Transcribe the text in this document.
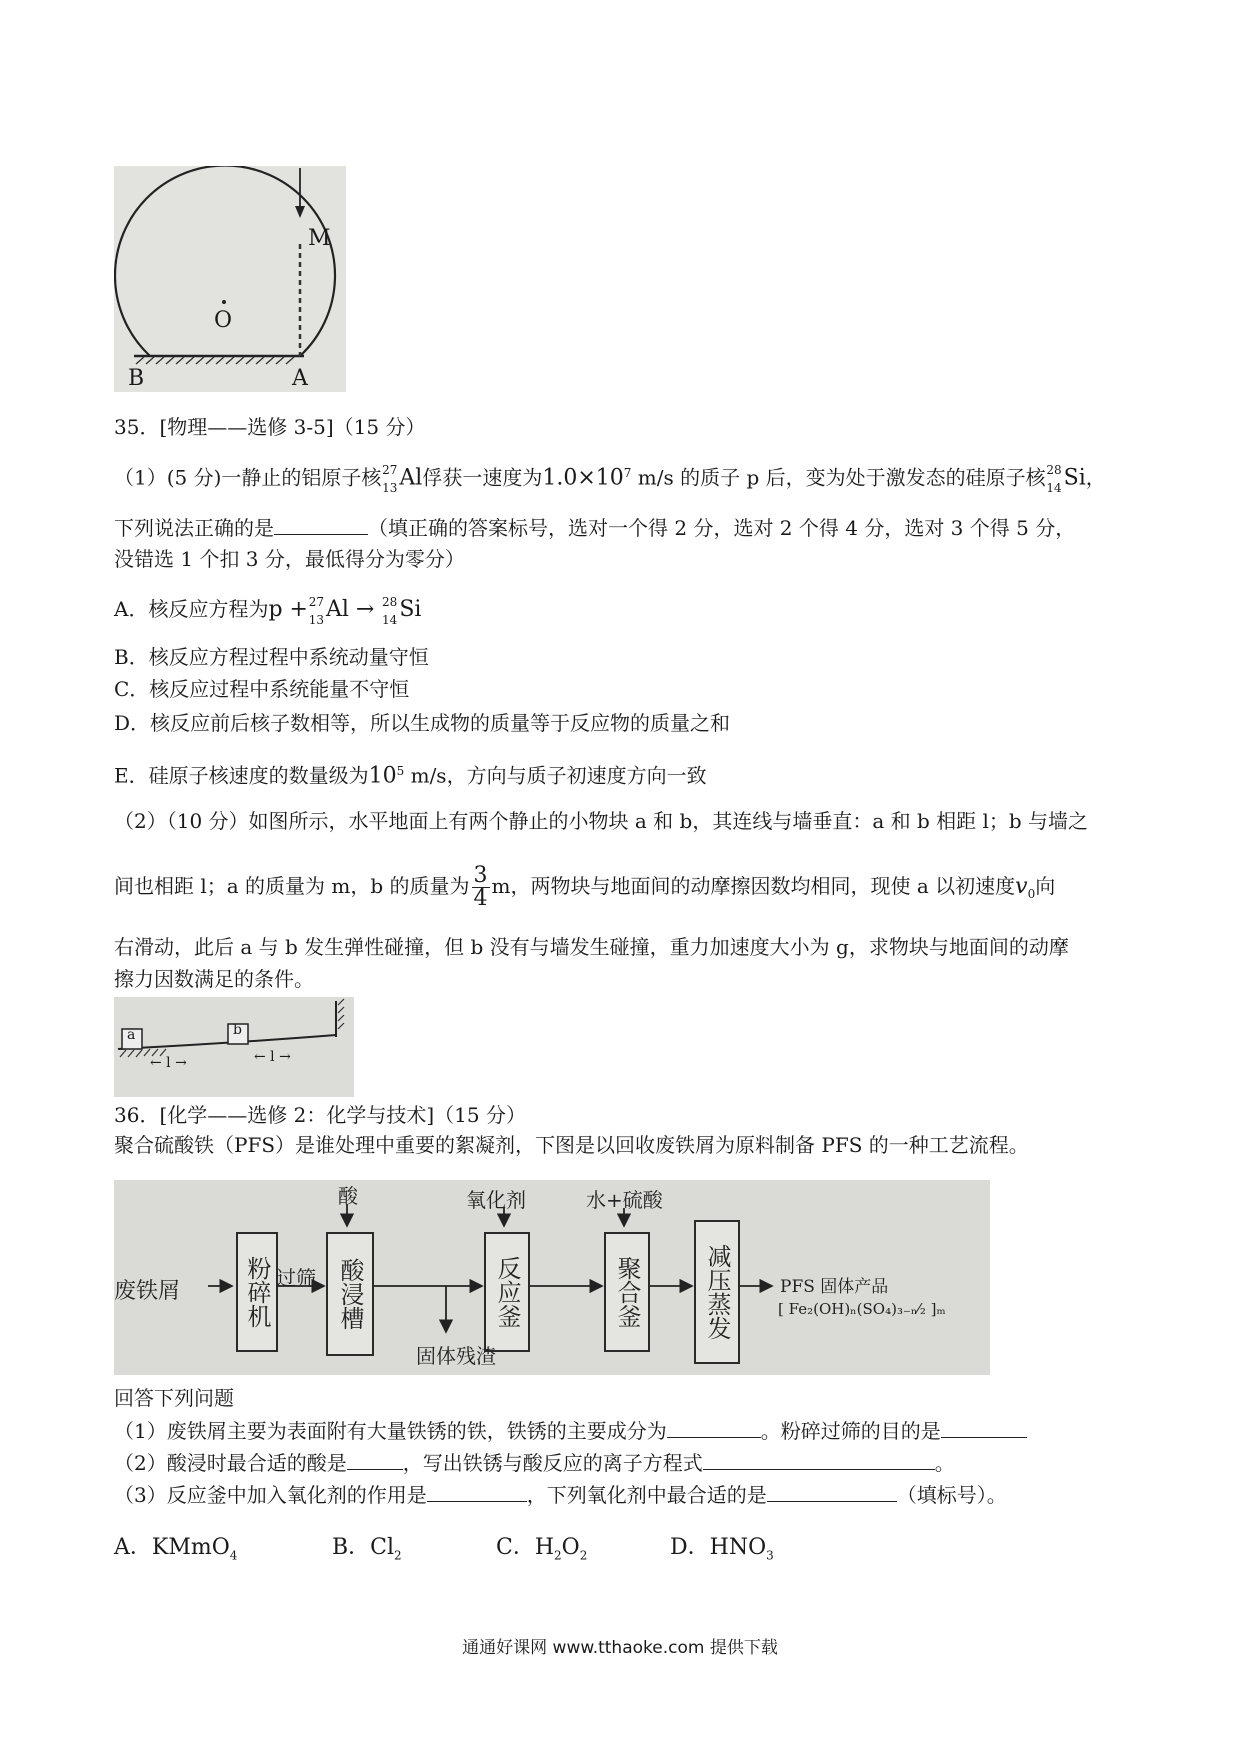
M
O
B	A
35．[物理——选修 3-5]（15 分）
（1）(5 分)一静止的铝原子核 27
13 Al俘获一速度为$1.0\times 10^7$ m/s 的质子 p 后，变为处于激发态的硅原子核 28
14 Si，
下列说法正确的是	（填正确的答案标号，选对一个得 2 分，选对 2 个得 4 分，选对 3 个得 5 分，
没错选 1 个扣 3 分，最低得分为零分）
A．核反应方程为p + 27
13 Al → 28
14 Si
B．核反应方程过程中系统动量守恒
C．核反应过程中系统能量不守恒
D．核反应前后核子数相等，所以生成物的质量等于反应物的质量之和
E．硅原子核速度的数量级为$10^5$ m/s，方向与质子初速度方向一致
（2）（10 分）如图所示，水平地面上有两个静止的小物块 a 和 b，其连线与墙垂直：a 和 b 相距 l；b 与墙之
间也相距 l；a 的质量为 m，b 的质量为 $\frac{3}{4}$ m，两物块与地面间的动摩擦因数均相同，现使 a 以初速度$v_0$向
右滑动，此后 a 与 b 发生弹性碰撞，但 b 没有与墙发生碰撞，重力加速度大小为 g，求物块与地面间的动摩
擦力因数满足的条件。
a	b
← l →	← l →
36．[化学——选修 2：化学与技术]（15 分）
聚合硫酸铁（PFS）是谁处理中重要的絮凝剂，下图是以回收废铁屑为原料制备 PFS 的一种工艺流程。
粉碎机	酸浸槽	反应釜	聚合釜	减压蒸发
废铁屑
过筛
酸	氧化剂	水+硫酸
固体残渣
PFS 固体产品
[ Fe₂(OH)ₙ(SO₄)₃₋ₙ⁄₂ ]ₘ
回答下列问题
（1）废铁屑主要为表面附有大量铁锈的铁，铁锈的主要成分为	。粉碎过筛的目的是
（2）酸浸时最合适的酸是	，写出铁锈与酸反应的离子方程式	。
（3）反应釜中加入氧化剂的作用是	，下列氧化剂中最合适的是	（填标号）。
A．KMmO$_4$	B．$Cl_2$	C．$H_2O_2$	D．$HNO_3$
通通好课网 www.tthaoke.com 提供下载
